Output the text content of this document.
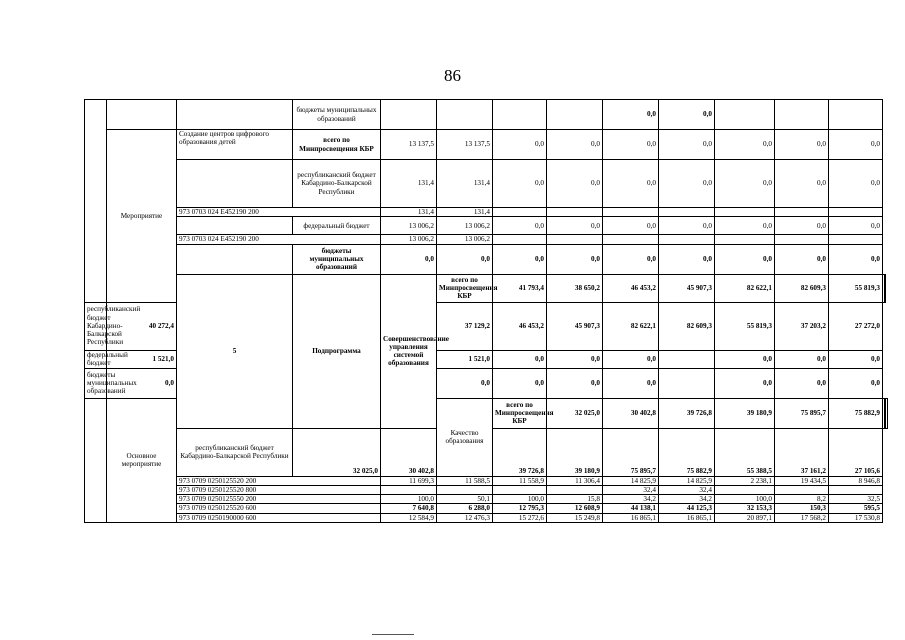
86
			бюджеты муниципальных образований					0,0	0,0					
	Мероприятие	Создание центров цифрового образования детей	всего по Минпросвещения КБР	13 137,5	13 137,5	0,0	0,0	0,0	0,0	0,0	0,0	0,0		
			республиканский бюджет Кабардино-Балкарской Республики	131,4	131,4	0,0	0,0	0,0	0,0	0,0	0,0	0,0		
		973 0703 024 E452190 200		131,4	131,4									
			федеральный бюджет	13 006,2	13 006,2	0,0	0,0	0,0	0,0	0,0	0,0	0,0		
		973 0703 024 E452190 200		13 006,2	13 006,2									
			бюджеты муниципальных образований	0,0	0,0	0,0	0,0	0,0	0,0	0,0	0,0	0,0		
		5	Подпрограмма	Совершенствование управления системой образования	всего по Минпросвещения КБР	41 793,4	38 650,2	46 453,2	45 907,3	82 622,1	82 609,3	55 819,3		
республиканский бюджет Кабардино-Балкарской Республики	40 272,4				37 129,2	46 453,2	45 907,3	82 622,1	82 609,3	55 819,3	37 203,2	27 272,0		
федеральный бюджет	1 521,0				1 521,0	0,0	0,0	0,0		0,0	0,0	0,0		
бюджеты муниципальных образований	0,0				0,0	0,0	0,0	0,0		0,0	0,0	0,0		
	Основное мероприятие				Качество образования	всего по Минпросвещения КБР	32 025,0	30 402,8	39 726,8	39 180,9	75 895,7	75 882,9			
		республиканский бюджет Кабардино-Балкарской Республики	32 025,0	30 402,8		39 726,8	39 180,9	75 895,7	75 882,9	55 388,5	37 161,2	27 105,6		
		973 0709 0250125520 200		11 699,3	11 588,5	11 558,9	11 306,4	14 825,9	14 825,9	2 238,1	19 434,5	8 946,8		
		973 0709 0250125520 800						32,4	32,4					
		973 0709 0250125550 200		100,0	50,1	100,0	15,8	34,2	34,2	100,0	8,2	32,5		
		973 0709 0250125520 600		7 640,8	6 288,0	12 795,3	12 608,9	44 138,1	44 125,3	32 153,3	150,3	595,5		
		973 0709 0250190000 600		12 584,9	12 476,3	15 272,6	15 249,8	16 865,1	16 865,1	20 897,1	17 568,2	17 530,8		
